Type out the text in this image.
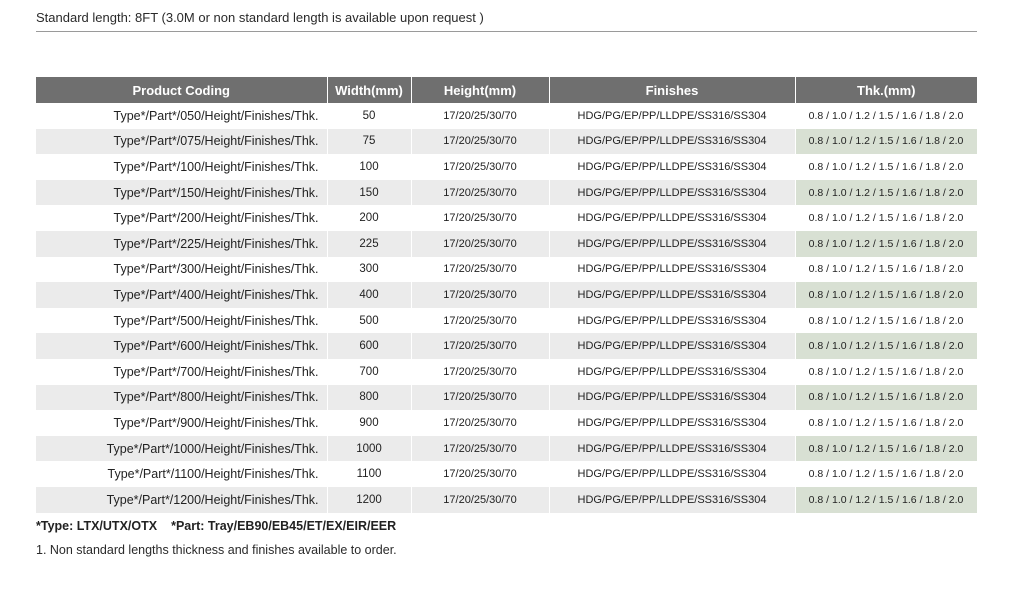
Standard length: 8FT (3.0M or non standard length is available upon request )
Product Coding	Width(mm)	Height(mm)	Finishes	Thk.(mm)
Type*/Part*/050/Height/Finishes/Thk.	50	17/20/25/30/70	HDG/PG/EP/PP/LLDPE/SS316/SS304	0.8 / 1.0 / 1.2 / 1.5 / 1.6 / 1.8 / 2.0
Type*/Part*/075/Height/Finishes/Thk.	75	17/20/25/30/70	HDG/PG/EP/PP/LLDPE/SS316/SS304	0.8 / 1.0 / 1.2 / 1.5 / 1.6 / 1.8 / 2.0
Type*/Part*/100/Height/Finishes/Thk.	100	17/20/25/30/70	HDG/PG/EP/PP/LLDPE/SS316/SS304	0.8 / 1.0 / 1.2 / 1.5 / 1.6 / 1.8 / 2.0
Type*/Part*/150/Height/Finishes/Thk.	150	17/20/25/30/70	HDG/PG/EP/PP/LLDPE/SS316/SS304	0.8 / 1.0 / 1.2 / 1.5 / 1.6 / 1.8 / 2.0
Type*/Part*/200/Height/Finishes/Thk.	200	17/20/25/30/70	HDG/PG/EP/PP/LLDPE/SS316/SS304	0.8 / 1.0 / 1.2 / 1.5 / 1.6 / 1.8 / 2.0
Type*/Part*/225/Height/Finishes/Thk.	225	17/20/25/30/70	HDG/PG/EP/PP/LLDPE/SS316/SS304	0.8 / 1.0 / 1.2 / 1.5 / 1.6 / 1.8 / 2.0
Type*/Part*/300/Height/Finishes/Thk.	300	17/20/25/30/70	HDG/PG/EP/PP/LLDPE/SS316/SS304	0.8 / 1.0 / 1.2 / 1.5 / 1.6 / 1.8 / 2.0
Type*/Part*/400/Height/Finishes/Thk.	400	17/20/25/30/70	HDG/PG/EP/PP/LLDPE/SS316/SS304	0.8 / 1.0 / 1.2 / 1.5 / 1.6 / 1.8 / 2.0
Type*/Part*/500/Height/Finishes/Thk.	500	17/20/25/30/70	HDG/PG/EP/PP/LLDPE/SS316/SS304	0.8 / 1.0 / 1.2 / 1.5 / 1.6 / 1.8 / 2.0
Type*/Part*/600/Height/Finishes/Thk.	600	17/20/25/30/70	HDG/PG/EP/PP/LLDPE/SS316/SS304	0.8 / 1.0 / 1.2 / 1.5 / 1.6 / 1.8 / 2.0
Type*/Part*/700/Height/Finishes/Thk.	700	17/20/25/30/70	HDG/PG/EP/PP/LLDPE/SS316/SS304	0.8 / 1.0 / 1.2 / 1.5 / 1.6 / 1.8 / 2.0
Type*/Part*/800/Height/Finishes/Thk.	800	17/20/25/30/70	HDG/PG/EP/PP/LLDPE/SS316/SS304	0.8 / 1.0 / 1.2 / 1.5 / 1.6 / 1.8 / 2.0
Type*/Part*/900/Height/Finishes/Thk.	900	17/20/25/30/70	HDG/PG/EP/PP/LLDPE/SS316/SS304	0.8 / 1.0 / 1.2 / 1.5 / 1.6 / 1.8 / 2.0
Type*/Part*/1000/Height/Finishes/Thk.	1000	17/20/25/30/70	HDG/PG/EP/PP/LLDPE/SS316/SS304	0.8 / 1.0 / 1.2 / 1.5 / 1.6 / 1.8 / 2.0
Type*/Part*/1100/Height/Finishes/Thk.	1100	17/20/25/30/70	HDG/PG/EP/PP/LLDPE/SS316/SS304	0.8 / 1.0 / 1.2 / 1.5 / 1.6 / 1.8 / 2.0
Type*/Part*/1200/Height/Finishes/Thk.	1200	17/20/25/30/70	HDG/PG/EP/PP/LLDPE/SS316/SS304	0.8 / 1.0 / 1.2 / 1.5 / 1.6 / 1.8 / 2.0
*Type: LTX/UTX/OTX *Part: Tray/EB90/EB45/ET/EX/EIR/EER
1. Non standard lengths thickness and finishes available to order.
